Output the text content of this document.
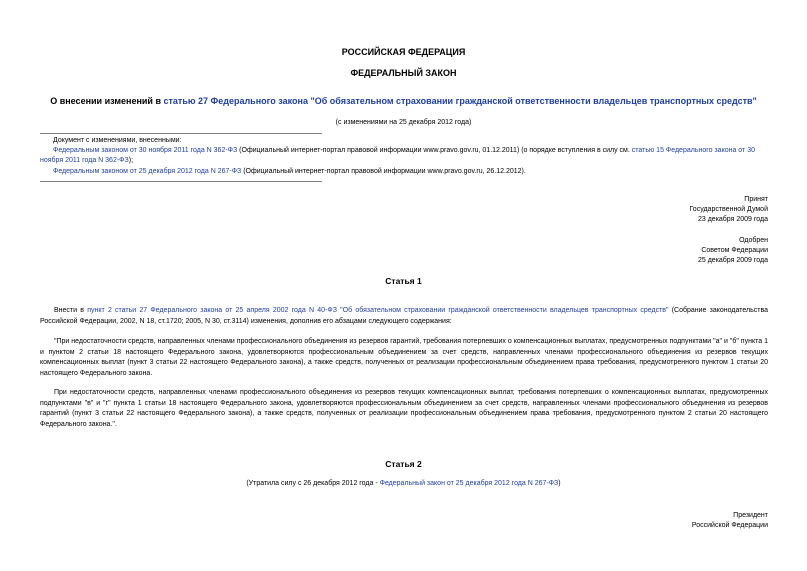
РОССИЙСКАЯ ФЕДЕРАЦИЯ
ФЕДЕРАЛЬНЫЙ ЗАКОН
О внесении изменений в статью 27 Федерального закона "Об обязательном страховании гражданской ответственности владельцев транспортных средств"
(с изменениями на 25 декабря 2012 года)
Документ с изменениями, внесенными:
Федеральным законом от 30 ноября 2011 года N 362-ФЗ (Официальный интернет-портал правовой информации www.pravo.gov.ru, 01.12.2011) (о порядке вступления в силу см. статью 15 Федерального закона от 30 ноября 2011 года N 362-ФЗ);
Федеральным законом от 25 декабря 2012 года N 267-ФЗ (Официальный интернет-портал правовой информации www.pravo.gov.ru, 26.12.2012).
Принят
Государственной Думой
23 декабря 2009 года
Одобрен
Советом Федерации
25 декабря 2009 года
Статья 1
Внести в пункт 2 статьи 27 Федерального закона от 25 апреля 2002 года N 40-ФЗ "Об обязательном страховании гражданской ответственности владельцев транспортных средств" (Собрание законодательства Российской Федерации, 2002, N 18, ст.1720; 2005, N 30, ст.3114) изменения, дополнив его абзацами следующего содержания:
"При недостаточности средств, направленных членами профессионального объединения из резервов гарантий, требования потерпевших о компенсационных выплатах, предусмотренных подпунктами "а" и "б" пункта 1 и пунктом 2 статьи 18 настоящего Федерального закона, удовлетворяются профессиональным объединением за счет средств, направленных членами профессионального объединения из резервов текущих компенсационных выплат (пункт 3 статьи 22 настоящего Федерального закона), а также средств, полученных от реализации профессиональным объединением права требования, предусмотренного пунктом 1 статьи 20 настоящего Федерального закона.
При недостаточности средств, направленных членами профессионального объединения из резервов текущих компенсационных выплат, требования потерпевших о компенсационных выплатах, предусмотренных подпунктами "в" и "г" пункта 1 статьи 18 настоящего Федерального закона, удовлетворяются профессиональным объединением за счет средств, направленных членами профессионального объединения из резервов гарантий (пункт 3 статьи 22 настоящего Федерального закона), а также средств, полученных от реализации профессиональным объединением права требования, предусмотренного пунктом 2 статьи 20 настоящего Федерального закона.".
Статья 2
(Утратила силу с 26 декабря 2012 года - Федеральный закон от 25 декабря 2012 года N 267-ФЗ)
Президент
Российской Федерации
